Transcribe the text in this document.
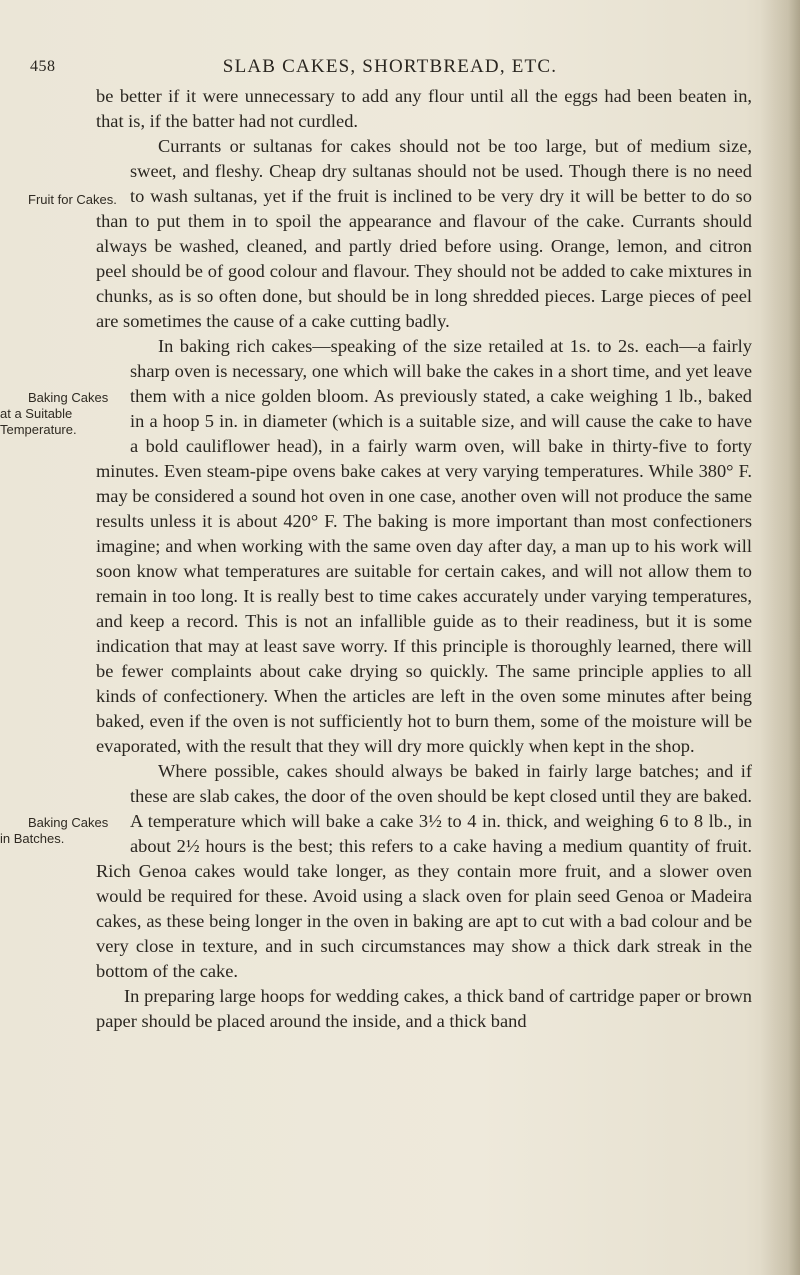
458	SLAB CAKES, SHORTBREAD, ETC.

be better if it were unnecessary to add any flour until all the eggs had been beaten in, that is, if the batter had not curdled.

Fruit for Cakes.
Currants or sultanas for cakes should not be too large, but of medium size, sweet, and fleshy. Cheap dry sultanas should not be used. Though there is no need to wash sultanas, yet if the fruit is inclined to be very dry it will be better to do so than to put them in to spoil the appearance and flavour of the cake. Currants should always be washed, cleaned, and partly dried before using. Orange, lemon, and citron peel should be of good colour and flavour. They should not be added to cake mixtures in chunks, as is so often done, but should be in long shredded pieces. Large pieces of peel are sometimes the cause of a cake cutting badly.

Baking Cakes at a Suitable Temperature.
In baking rich cakes—speaking of the size retailed at 1s. to 2s. each—a fairly sharp oven is necessary, one which will bake the cakes in a short time, and yet leave them with a nice golden bloom. As previously stated, a cake weighing 1 lb., baked in a hoop 5 in. in diameter (which is a suitable size, and will cause the cake to have a bold cauliflower head), in a fairly warm oven, will bake in thirty-five to forty minutes. Even steam-pipe ovens bake cakes at very varying temperatures. While 380° F. may be considered a sound hot oven in one case, another oven will not produce the same results unless it is about 420° F. The baking is more important than most confectioners imagine; and when working with the same oven day after day, a man up to his work will soon know what temperatures are suitable for certain cakes, and will not allow them to remain in too long. It is really best to time cakes accurately under varying temperatures, and keep a record. This is not an infallible guide as to their readiness, but it is some indication that may at least save worry. If this principle is thoroughly learned, there will be fewer complaints about cake drying so quickly. The same principle applies to all kinds of confectionery. When the articles are left in the oven some minutes after being baked, even if the oven is not sufficiently hot to burn them, some of the moisture will be evaporated, with the result that they will dry more quickly when kept in the shop.

Baking Cakes in Batches.
Where possible, cakes should always be baked in fairly large batches; and if these are slab cakes, the door of the oven should be kept closed until they are baked. A temperature which will bake a cake 3½ to 4 in. thick, and weighing 6 to 8 lb., in about 2½ hours is the best; this refers to a cake having a medium quantity of fruit. Rich Genoa cakes would take longer, as they contain more fruit, and a slower oven would be required for these. Avoid using a slack oven for plain seed Genoa or Madeira cakes, as these being longer in the oven in baking are apt to cut with a bad colour and be very close in texture, and in such circumstances may show a thick dark streak in the bottom of the cake.

In preparing large hoops for wedding cakes, a thick band of cartridge paper or brown paper should be placed around the inside, and a thick band
